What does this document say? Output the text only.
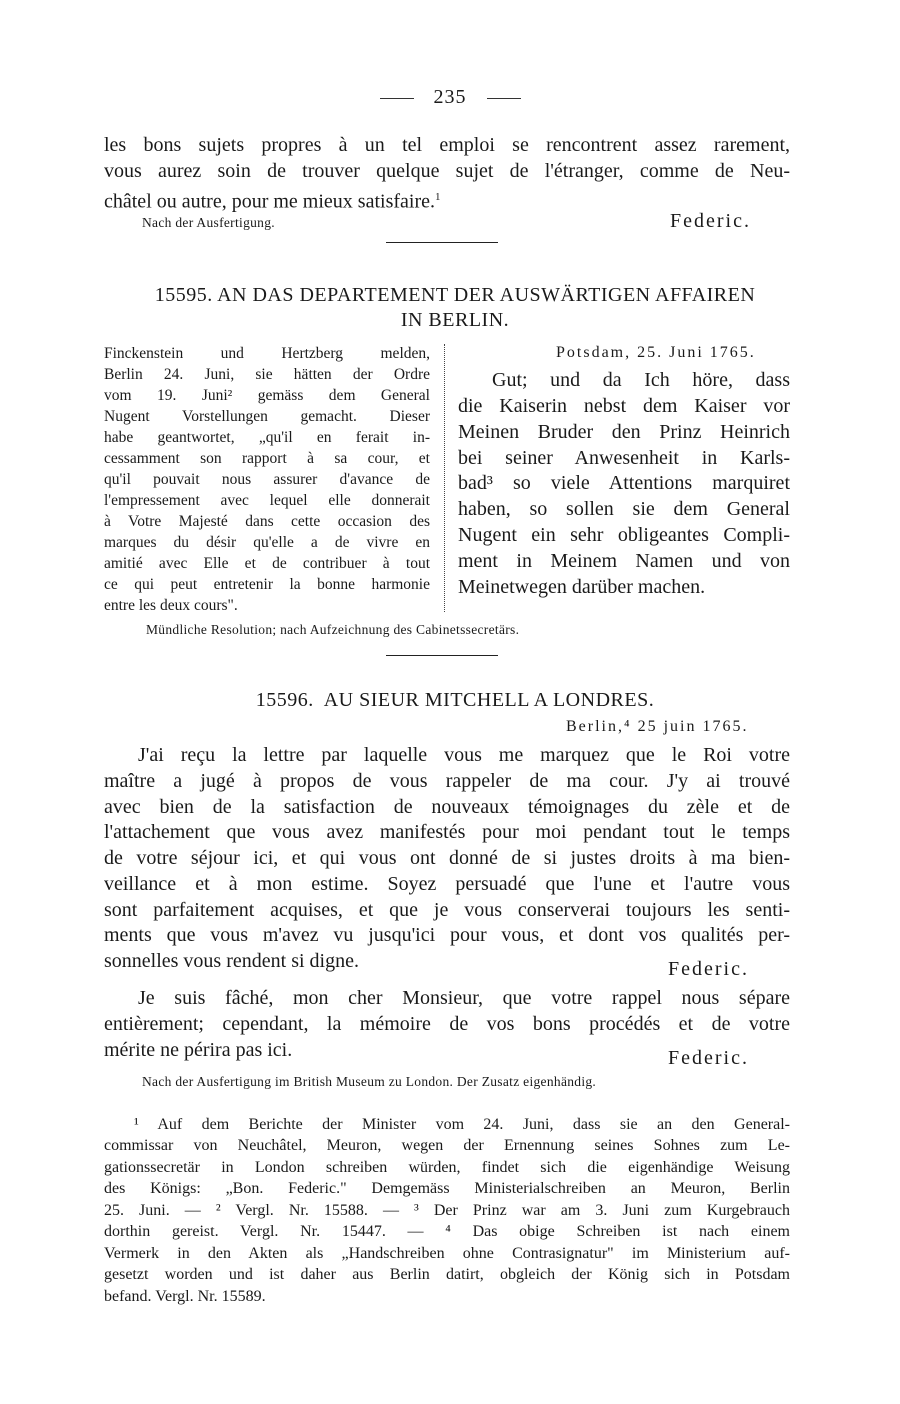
235
les bons sujets propres à un tel emploi se rencontrent assez rarement,
vous aurez soin de trouver quelque sujet de l'étranger, comme de Neu-
châtel ou autre, pour me mieux satisfaire.$^1$
Nach der Ausfertigung.	Federic.
15595. AN DAS DEPARTEMENT DER AUSWÄRTIGEN AFFAIREN
IN BERLIN.
Finckenstein und Hertzberg melden,
Berlin 24. Juni, sie hätten der Ordre
vom 19. Juni² gemäss dem General
Nugent Vorstellungen gemacht. Dieser
habe geantwortet, „qu'il en ferait in-
cessamment son rapport à sa cour, et
qu'il pouvait nous assurer d'avance de
l'empressement avec lequel elle donnerait
à Votre Majesté dans cette occasion des
marques du désir qu'elle a de vivre en
amitié avec Elle et de contribuer à tout
ce qui peut entretenir la bonne harmonie
entre les deux cours".
Potsdam, 25. Juni 1765.
Gut; und da Ich höre, dass
die Kaiserin nebst dem Kaiser vor
Meinen Bruder den Prinz Heinrich
bei seiner Anwesenheit in Karls-
bad³ so viele Attentions marquiret
haben, so sollen sie dem General
Nugent ein sehr obligeantes Compli-
ment in Meinem Namen und von
Meinetwegen darüber machen.
Mündliche Resolution; nach Aufzeichnung des Cabinetssecretärs.
15596. AU SIEUR MITCHELL A LONDRES.
Berlin,⁴ 25 juin 1765.
J'ai reçu la lettre par laquelle vous me marquez que le Roi votre
maître a jugé à propos de vous rappeler de ma cour. J'y ai trouvé
avec bien de la satisfaction de nouveaux témoignages du zèle et de
l'attachement que vous avez manifestés pour moi pendant tout le temps
de votre séjour ici, et qui vous ont donné de si justes droits à ma bien-
veillance et à mon estime. Soyez persuadé que l'une et l'autre vous
sont parfaitement acquises, et que je vous conserverai toujours les senti-
ments que vous m'avez vu jusqu'ici pour vous, et dont vos qualités per-
sonnelles vous rendent si digne.	Federic.
Je suis fâché, mon cher Monsieur, que votre rappel nous sépare
entièrement; cependant, la mémoire de vos bons procédés et de votre
mérite ne périra pas ici.	Federic.
Nach der Ausfertigung im British Museum zu London. Der Zusatz eigenhändig.
¹ Auf dem Berichte der Minister vom 24. Juni, dass sie an den General-
commissar von Neuchâtel, Meuron, wegen der Ernennung seines Sohnes zum Le-
gationssecretär in London schreiben würden, findet sich die eigenhändige Weisung
des Königs: „Bon. Federic." Demgemäss Ministerialschreiben an Meuron, Berlin
25. Juni. — ² Vergl. Nr. 15588. — ³ Der Prinz war am 3. Juni zum Kurgebrauch
dorthin gereist. Vergl. Nr. 15447. — ⁴ Das obige Schreiben ist nach einem
Vermerk in den Akten als „Handschreiben ohne Contrasignatur" im Ministerium auf-
gesetzt worden und ist daher aus Berlin datirt, obgleich der König sich in Potsdam
befand. Vergl. Nr. 15589.
